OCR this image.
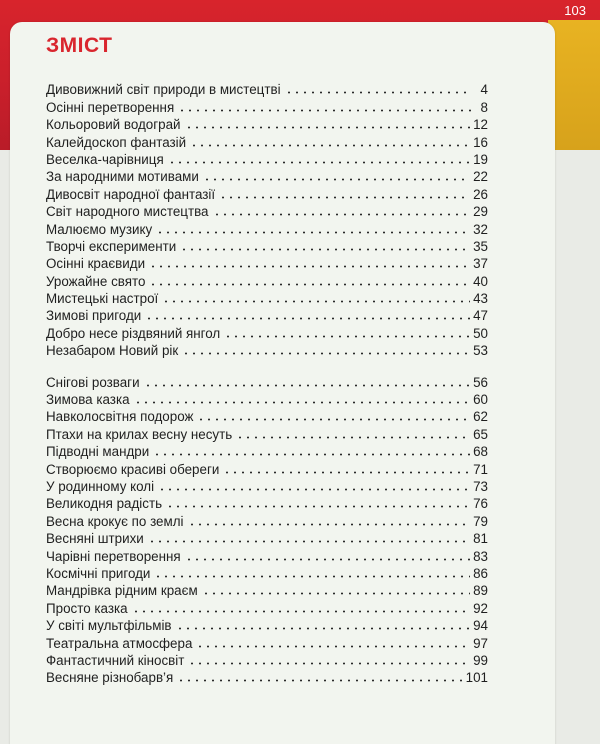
103
ЗМІСТ
Дивовижний світ природи в мистецтві	4
Осінні перетворення	8
Кольоровий водограй	12
Калейдоскоп фантазій	16
Веселка-чарівниця	19
За народними мотивами	22
Дивосвіт народної фантазії	26
Світ народного мистецтва	29
Малюємо музику	32
Творчі експерименти	35
Осінні краєвиди	37
Урожайне свято	40
Мистецькі настрої	43
Зимові пригоди	47
Добро несе різдвяний янгол	50
Незабаром Новий рік	53
Снігові розваги	56
Зимова казка	60
Навколосвітня подорож	62
Птахи на крилах весну несуть	65
Підводні мандри	68
Створюємо красиві обереги	71
У родинному колі	73
Великодня радість	76
Весна крокує по землі	79
Весняні штрихи	81
Чарівні перетворення	83
Космічні пригоди	86
Мандрівка рідним краєм	89
Просто казка	92
У світі мультфільмів	94
Театральна атмосфера	97
Фантастичний кіносвіт	99
Весняне різнобарв’я	101
